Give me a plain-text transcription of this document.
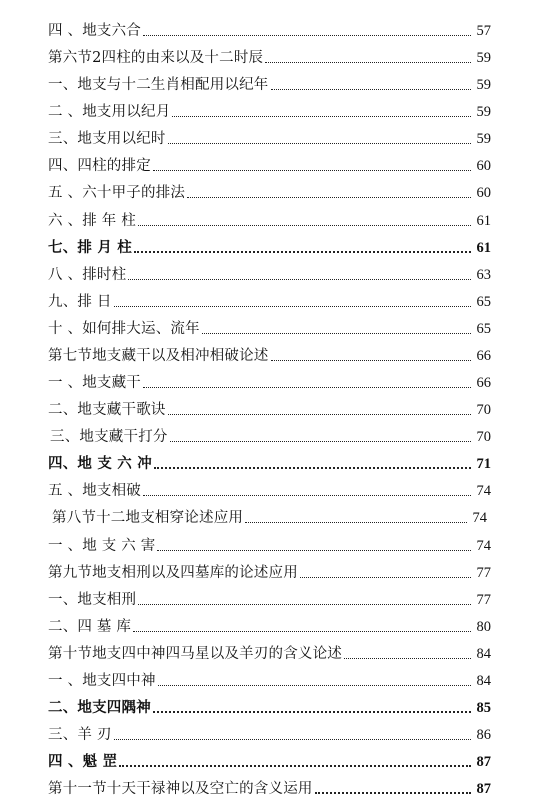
四 、地支六合	57
第六节2四柱的由来以及十二时辰	59
一、地支与十二生肖相配用以纪年	59
二 、地支用以纪月	59
三、地支用以纪时	59
四、四柱的排定	60
五 、六十甲子的排法	60
六 、排 年 柱	61
七、排 月 柱	61
八 、排时柱	63
九、排 日	65
十 、如何排大运、流年	65
第七节地支藏干以及相冲相破论述	66
一 、地支藏干	66
二、地支藏干歌诀	70
三、地支藏干打分	70
四、地 支 六 冲	71
五 、地支相破	74
第八节十二地支相穿论述应用	74
一 、地 支 六 害	74
第九节地支相刑以及四墓库的论述应用	77
一、地支相刑	77
二、四 墓 库	80
第十节地支四中神四马星以及羊刃的含义论述	84
一 、地支四中神	84
二、地支四隅神	85
三、羊 刃	86
四 、魁 罡	87
第十一节十天干禄神以及空亡的含义运用	87
